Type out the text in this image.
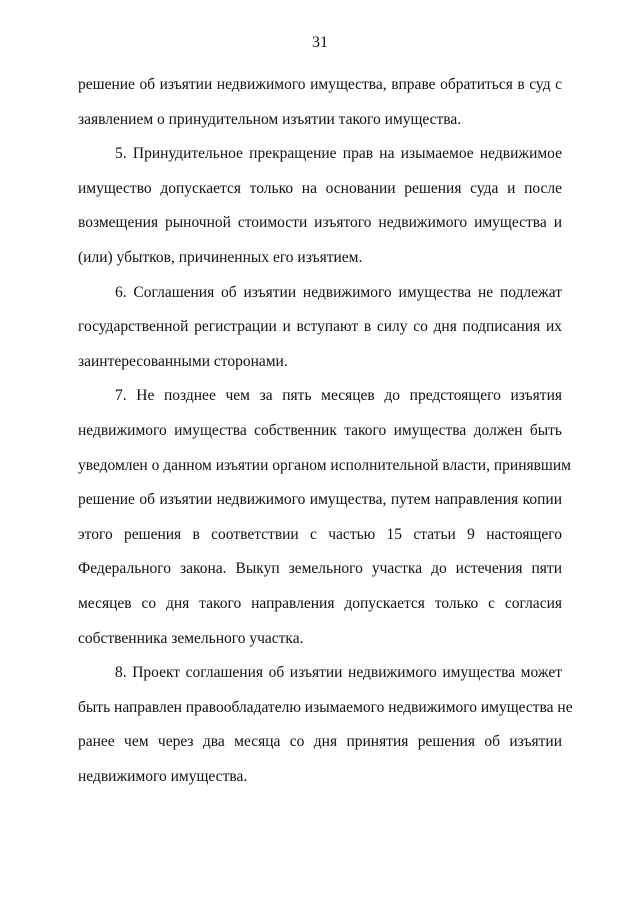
31
решение об изъятии недвижимого имущества, вправе обратиться в суд с
заявлением о принудительном изъятии такого имущества.
5. Принудительное прекращение прав на изымаемое недвижимое
имущество допускается только на основании решения суда и после
возмещения рыночной стоимости изъятого недвижимого имущества и
(или) убытков, причиненных его изъятием.
6. Соглашения об изъятии недвижимого имущества не подлежат
государственной регистрации и вступают в силу со дня подписания их
заинтересованными сторонами.
7. Не позднее чем за пять месяцев до предстоящего изъятия
недвижимого имущества собственник такого имущества должен быть
уведомлен о данном изъятии органом исполнительной власти, принявшим
решение об изъятии недвижимого имущества, путем направления копии
этого решения в соответствии с частью 15 статьи 9 настоящего
Федерального закона. Выкуп земельного участка до истечения пяти
месяцев со дня такого направления допускается только с согласия
собственника земельного участка.
8. Проект соглашения об изъятии недвижимого имущества может
быть направлен правообладателю изымаемого недвижимого имущества не
ранее чем через два месяца со дня принятия решения об изъятии
недвижимого имущества.
